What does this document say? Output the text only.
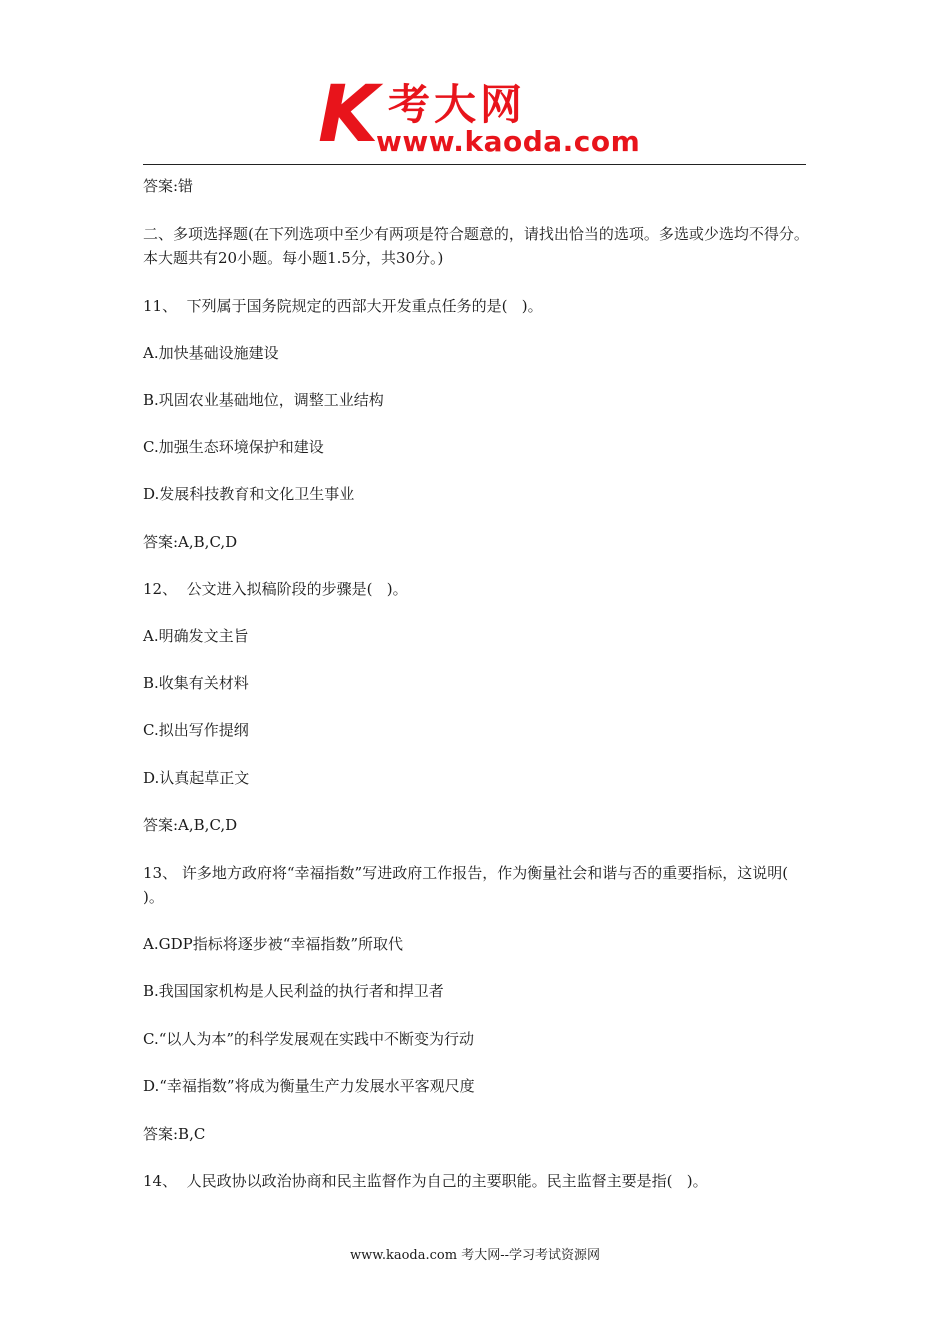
K 考大网
www.kaoda.com

答案:错

二、多项选择题(在下列选项中至少有两项是符合题意的，请找出恰当的选项。多选或少选均不得分。本大题共有20小题。每小题1.5分，共30分。)

11、  下列属于国务院规定的西部大开发重点任务的是(   )。

A.加快基础设施建设

B.巩固农业基础地位，调整工业结构

C.加强生态环境保护和建设

D.发展科技教育和文化卫生事业

答案:A,B,C,D

12、  公文进入拟稿阶段的步骤是(   )。

A.明确发文主旨

B.收集有关材料

C.拟出写作提纲

D.认真起草正文

答案:A,B,C,D

13、 许多地方政府将“幸福指数”写进政府工作报告，作为衡量社会和谐与否的重要指标，这说明(   )。

A.GDP指标将逐步被“幸福指数”所取代

B.我国国家机构是人民利益的执行者和捍卫者

C.“以人为本”的科学发展观在实践中不断变为行动

D.“幸福指数”将成为衡量生产力发展水平客观尺度

答案:B,C

14、  人民政协以政治协商和民主监督作为自己的主要职能。民主监督主要是指(   )。

www.kaoda.com 考大网--学习考试资源网
